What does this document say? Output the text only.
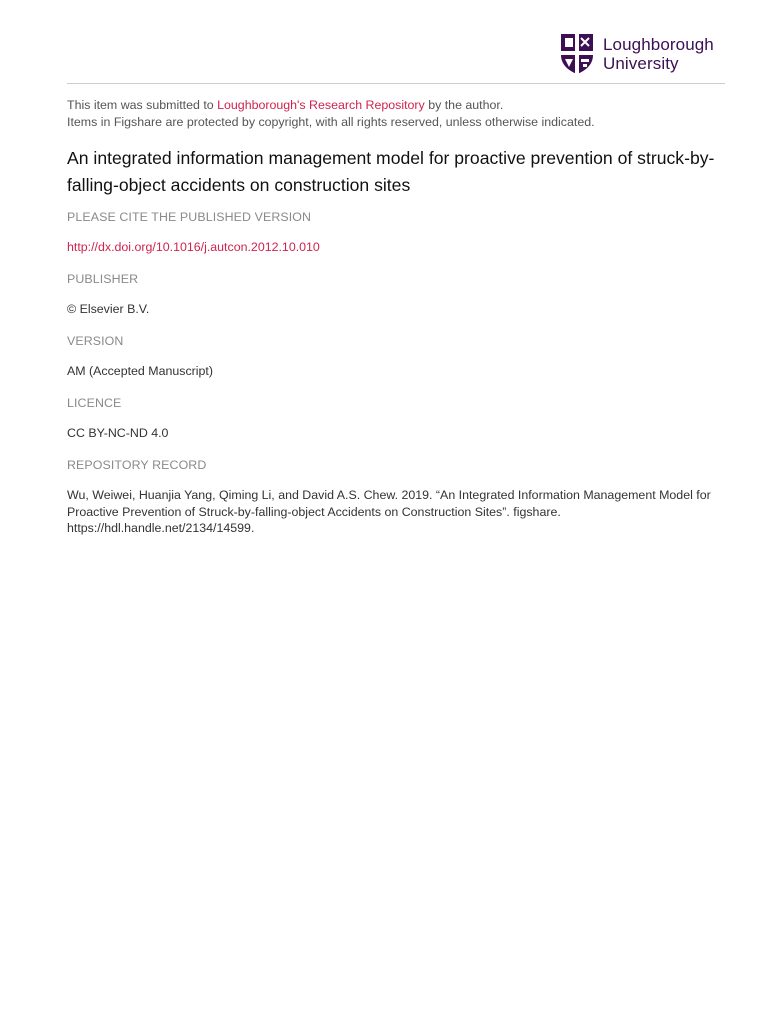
Loughborough
University
This item was submitted to Loughborough's Research Repository by the author.
Items in Figshare are protected by copyright, with all rights reserved, unless otherwise indicated.
An integrated information management model for proactive prevention of struck-by-falling-object accidents on construction sites
PLEASE CITE THE PUBLISHED VERSION
http://dx.doi.org/10.1016/j.autcon.2012.10.010
PUBLISHER
© Elsevier B.V.
VERSION
AM (Accepted Manuscript)
LICENCE
CC BY-NC-ND 4.0
REPOSITORY RECORD
Wu, Weiwei, Huanjia Yang, Qiming Li, and David A.S. Chew. 2019. “An Integrated Information Management Model for Proactive Prevention of Struck-by-falling-object Accidents on Construction Sites”. figshare. https://hdl.handle.net/2134/14599.
